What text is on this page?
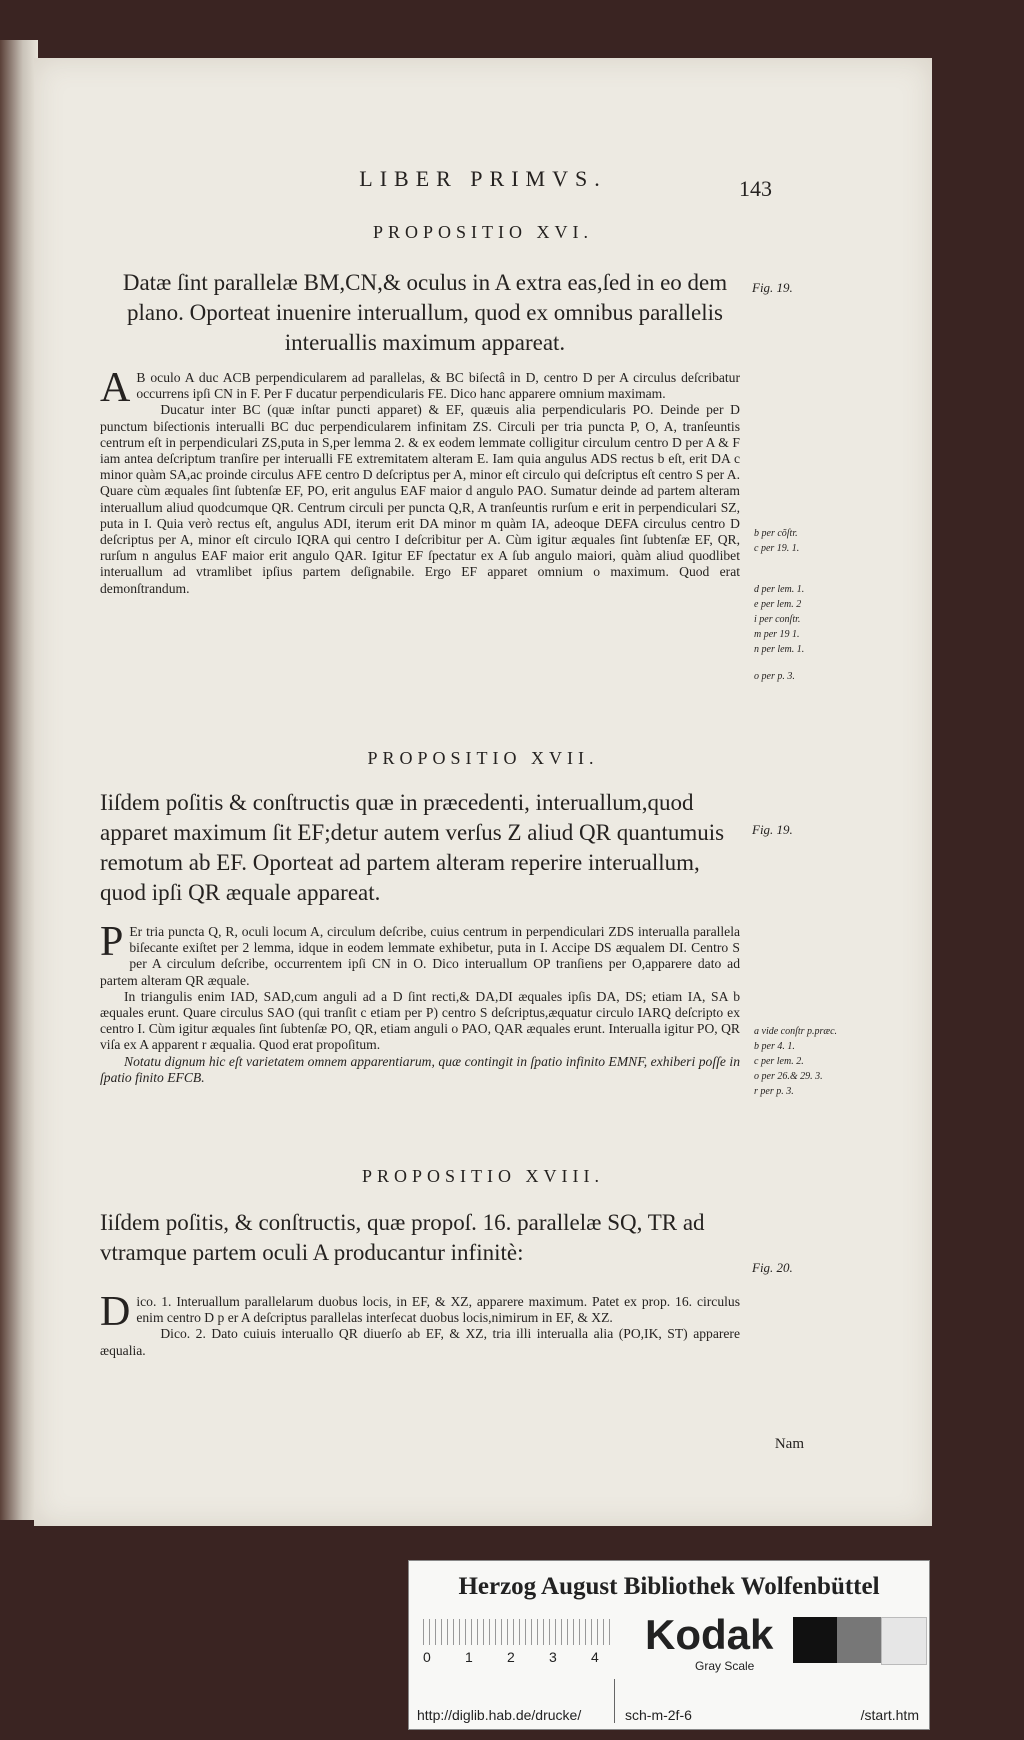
LIBER PRIMVS.	143
PROPOSITIO XVI.
Datæ ſint parallelæ BM,CN,& oculus in A extra eas,ſed in eo dem plano. Oporteat inuenire interuallum, quod ex omnibus parallelis interuallis maximum appareat.
Fig. 19.

A B oculo A duc ACB perpendicularem ad parallelas, & BC biſectâ in D, centro D per A circulus deſcribatur occurrens ipſi CN in F. Per F ducatur perpendicularis FE. Dico hanc apparere omnium maximam.

Ducatur inter BC (quæ inſtar puncti apparet) & EF, quæuis alia perpendicularis PO. Deinde per D punctum biſectionis interualli BC duc perpendicularem infinitam ZS. Circuli per tria puncta P, O, A, tranſeuntis centrum eſt in perpendiculari ZS,puta in S,per lemma 2. & ex eodem lemmate colligitur circulum centro D per A & F iam antea deſcriptum tranſire per interualli FE extremitatem alteram E. Iam quia angulus ADS rectus b eſt, erit DA c minor quàm SA,ac proinde circulus AFE centro D deſcriptus per A, minor eſt circulo qui deſcriptus eſt centro S per A. Quare cùm æquales ſint ſubtenſæ EF, PO, erit angulus EAF maior d angulo PAO. Sumatur deinde ad partem alteram interuallum aliud quodcumque QR. Centrum circuli per puncta Q,R, A tranſeuntis rurſum e erit in perpendiculari SZ, puta in I. Quia verò rectus eſt, angulus ADI, iterum erit DA minor m quàm IA, adeoque DEFA circulus centro D deſcriptus per A, minor eſt circulo IQRA qui centro I deſcribitur per A. Cùm igitur æquales ſint ſubtenſæ EF, QR, rurſum n angulus EAF maior erit angulo QAR. Igitur EF ſpectatur ex A ſub angulo maiori, quàm aliud quodlibet interuallum ad vtramlibet ipſius partem deſignabile. Ergo EF apparet omnium o maximum. Quod erat demonſtrandum.

b per cõſtr.
c per 19. 1.
d per lem. 1.
e per lem. 2
i per conſtr.
m per 19 1.
n per lem. 1.
o per p. 3.
PROPOSITIO XVII.
Iiſdem poſitis & conſtructis quæ in præcedenti, interuallum,quod apparet maximum ſit EF;detur autem verſus Z aliud QR quantumuis remotum ab EF. Oporteat ad partem alteram reperire interuallum, quod ipſi QR æquale appareat.
Fig. 19.

P Er tria puncta Q, R, oculi locum A, circulum deſcribe, cuius centrum in perpendiculari ZDS interualla parallela biſecante exiſtet per 2 lemma, idque in eodem lemmate exhibetur, puta in I. Accipe DS æqualem DI. Centro S per A circulum deſcribe, occurrentem ipſi CN in O. Dico interuallum OP tranſiens per O,apparere dato ad partem alteram QR æquale.

In triangulis enim IAD, SAD,cum anguli ad a D ſint recti,& DA,DI æquales ipſis DA, DS; etiam IA, SA b æquales erunt. Quare circulus SAO (qui tranſit c etiam per P) centro S deſcriptus,æquatur circulo IARQ deſcripto ex centro I. Cùm igitur æquales ſint ſubtenſæ PO, QR, etiam anguli o PAO, QAR æquales erunt. Interualla igitur PO, QR viſa ex A apparent r æqualia. Quod erat propoſitum.

Notatu dignum hic eſt varietatem omnem apparentiarum, quæ contingit in ſpatio infinito EMNF, exhiberi poſſe in ſpatio finito EFCB.

a vide conſtr p.præc.
b per 4. 1.
c per lem. 2.
o per 26.& 29. 3.
r per p. 3.
PROPOSITIO XVIII.
Iiſdem poſitis, & conſtructis, quæ propoſ. 16. parallelæ SQ, TR ad vtramque partem oculi A producantur infinitè:
Fig. 20.

Dico. 1. Interuallum parallelarum duobus locis, in EF, & XZ, apparere maximum. Patet ex prop. 16. circulus enim centro D p er A deſcriptus parallelas interſecat duobus locis,nimirum in EF, & XZ.

Dico. 2. Dato cuiuis interuallo QR diuerſo ab EF, & XZ, tria illi interualla alia (PO,IK, ST) apparere æqualia.

Nam
Herzog August Bibliothek Wolfenbüttel
0 1 2 3 4	Kodak
Gray Scale
http://diglib.hab.de/drucke/	sch-m-2f-6	/start.htm
